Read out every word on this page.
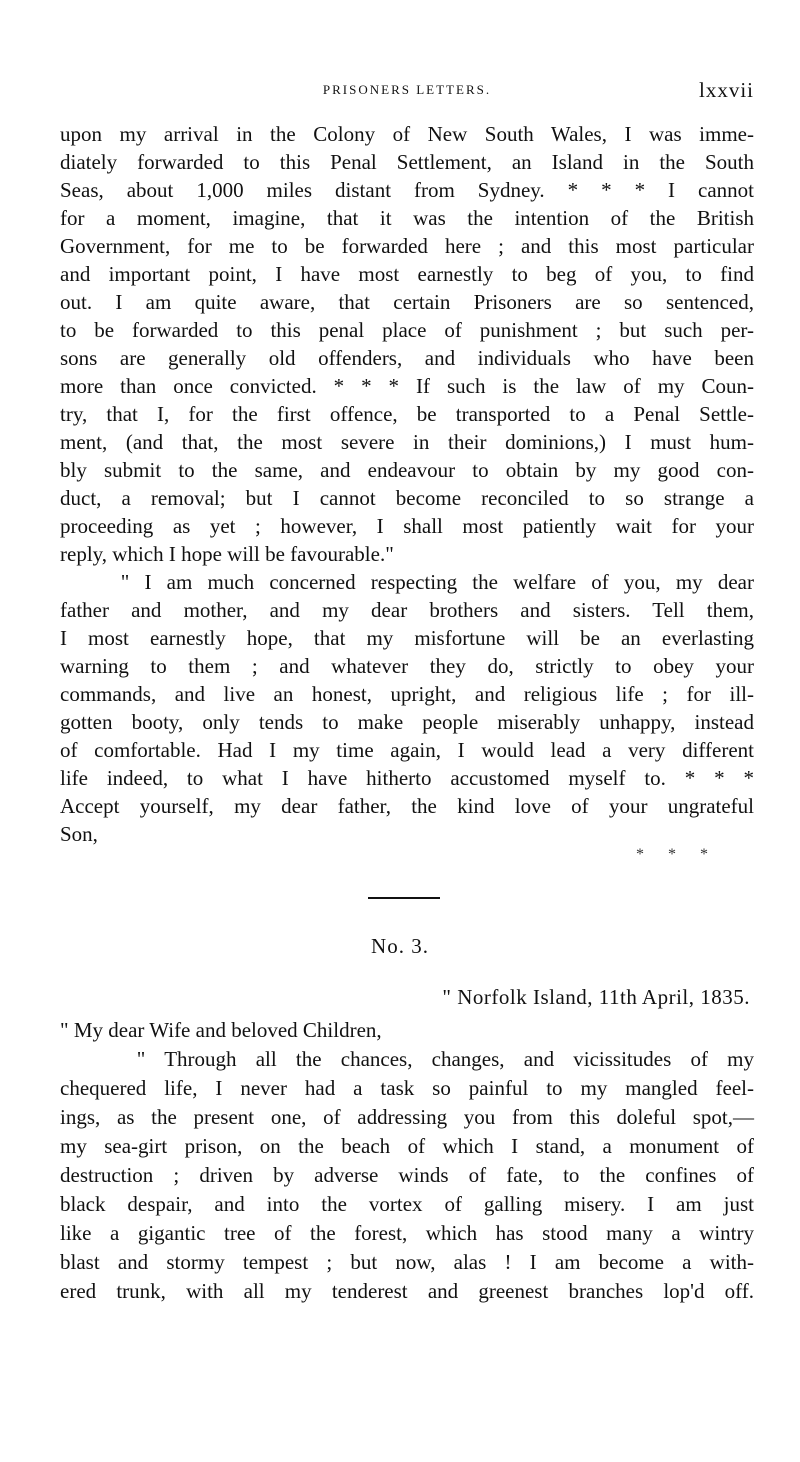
PRISONERS LETTERS.	lxxvii
upon my arrival in the Colony of New South Wales, I was imme-
diately forwarded to this Penal Settlement, an Island in the South
Seas, about 1,000 miles distant from Sydney. * * * I cannot
for a moment, imagine, that it was the intention of the British
Government, for me to be forwarded here ; and this most particular
and important point, I have most earnestly to beg of you, to find
out. I am quite aware, that certain Prisoners are so sentenced,
to be forwarded to this penal place of punishment ; but such per-
sons are generally old offenders, and individuals who have been
more than once convicted. * * * If such is the law of my Coun-
try, that I, for the first offence, be transported to a Penal Settle-
ment, (and that, the most severe in their dominions,) I must hum-
bly submit to the same, and endeavour to obtain by my good con-
duct, a removal; but I cannot become reconciled to so strange a
proceeding as yet ; however, I shall most patiently wait for your
reply, which I hope will be favourable."
" I am much concerned respecting the welfare of you, my dear
father and mother, and my dear brothers and sisters. Tell them,
I most earnestly hope, that my misfortune will be an everlasting
warning to them ; and whatever they do, strictly to obey your
commands, and live an honest, upright, and religious life ; for ill-
gotten booty, only tends to make people miserably unhappy, instead
of comfortable. Had I my time again, I would lead a very different
life indeed, to what I have hitherto accustomed myself to. * * *
Accept yourself, my dear father, the kind love of your ungrateful
Son,
* * *
No. 3.
" Norfolk Island, 11th April, 1835.
" My dear Wife and beloved Children,
" Through all the chances, changes, and vicissitudes of my
chequered life, I never had a task so painful to my mangled feel-
ings, as the present one, of addressing you from this doleful spot,—
my sea-girt prison, on the beach of which I stand, a monument of
destruction ; driven by adverse winds of fate, to the confines of
black despair, and into the vortex of galling misery. I am just
like a gigantic tree of the forest, which has stood many a wintry
blast and stormy tempest ; but now, alas ! I am become a with-
ered trunk, with all my tenderest and greenest branches lop'd off.
